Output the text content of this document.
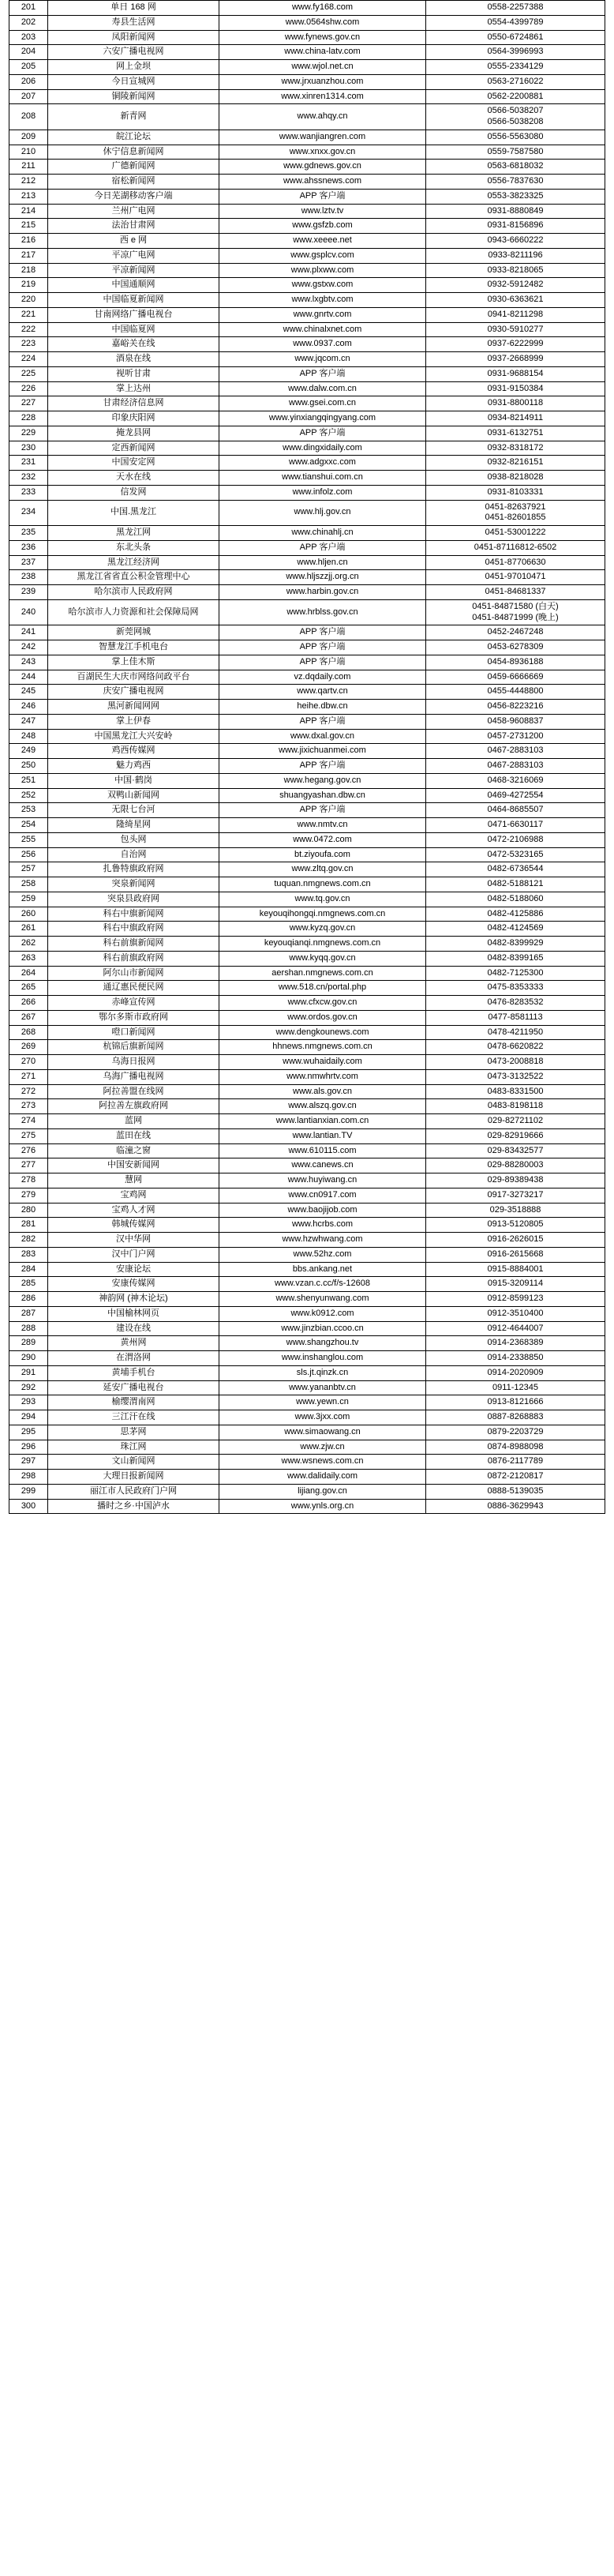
201	单日 168 网	www.fy168.com	0558-2257388

202	寿县生活网	www.0564shw.com	0554-4399789

203	凤阳新闻网	www.fynews.gov.cn	0550-6724861

204	六安广播电视网	www.china-latv.com	0564-3996993

205	网上金坝	www.wjol.net.cn	0555-2334129

206	今日宣城网	www.jrxuanzhou.com	0563-2716022

207	铜陵新闻网	www.xinren1314.com	0562-2200881

208	新青网	www.ahqy.cn	0566-5038207
0566-5038208

209	皖江论坛	www.wanjiangren.com	0556-5563080

210	休宁信息新闻网	www.xnxx.gov.cn	0559-7587580

211	广德新闻网	www.gdnews.gov.cn	0563-6818032

212	宿松新闻网	www.ahssnews.com	0556-7837630

213	今日芜湖移动客户端	APP 客户端	0553-3823325

214	兰州广电网	www.lztv.tv	0931-8880849

215	法治甘肃网	www.gsfzb.com	0931-8156896

216	西 e 网	www.xeeee.net	0943-6660222

217	平凉广电网	www.gsplcv.com	0933-8211196

218	平凉新闻网	www.plxww.com	0933-8218065

219	中国通顺网	www.gstxw.com	0932-5912482

220	中国临夏新闻网	www.lxgbtv.com	0930-6363621

221	甘南网络广播电视台	www.gnrtv.com	0941-8211298

222	中国临夏网	www.chinalxnet.com	0930-5910277

223	嘉峪关在线	www.0937.com	0937-6222999

224	酒泉在线	www.jqcom.cn	0937-2668999

225	视听甘肃	APP 客户端	0931-9688154

226	掌上达州	www.dalw.com.cn	0931-9150384

227	甘肃经济信息网	www.gsei.com.cn	0931-8800118

228	印象庆阳网	www.yinxiangqingyang.com	0934-8214911

229	掩龙县网	APP 客户端	0931-6132751

230	定西新闻网	www.dingxidaily.com	0932-8318172

231	中国安定网	www.adgxxc.com	0932-8216151

232	天水在线	www.tianshui.com.cn	0938-8218028

233	信发网	www.infolz.com	0931-8103331

234	中国.黑龙江	www.hlj.gov.cn	0451-82637921
0451-82601855

235	黑龙江网	www.chinahlj.cn	0451-53001222

236	东北头条	APP 客户端	0451-87116812-6502

237	黑龙江经济网	www.hljen.cn	0451-87706630

238	黑龙江省省直公积金管理中心	www.hljszzjj.org.cn	0451-97010471

239	哈尔滨市人民政府网	www.harbin.gov.cn	0451-84681337

240	哈尔滨市人力资源和社会保障局网	www.hrblss.gov.cn	0451-84871580 (白天)
0451-84871999 (晚上)

241	新莞网城	APP 客户端	0452-2467248

242	智慧龙江手机电台	APP 客户端	0453-6278309

243	掌上佳木斯	APP 客户端	0454-8936188

244	百湖民生大庆市网络问政平台	vz.dqdaily.com	0459-6666669

245	庆安广播电视网	www.qartv.cn	0455-4448800

246	黑河新闻网网	heihe.dbw.cn	0456-8223216

247	掌上伊春	APP 客户端	0458-9608837

248	中国黑龙江大兴安岭	www.dxal.gov.cn	0457-2731200

249	鸡西传媒网	www.jixichuanmei.com	0467-2883103

250	魅力鸡西	APP 客户端	0467-2883103

251	中国·鹤岗	www.hegang.gov.cn	0468-3216069

252	双鸭山新闻网	shuangyashan.dbw.cn	0469-4272554

253	无限七台河	APP 客户端	0464-8685507

254	隆绮星网	www.nmtv.cn	0471-6630117

255	包头网	www.0472.com	0472-2106988

256	自治网	bt.ziyoufa.com	0472-5323165

257	扎鲁特旗政府网	www.zltq.gov.cn	0482-6736544

258	突泉新闻网	tuquan.nmgnews.com.cn	0482-5188121

259	突泉县政府网	www.tq.gov.cn	0482-5188060

260	科右中旗新闻网	keyouqihongqi.nmgnews.com.cn	0482-4125886

261	科右中旗政府网	www.kyzq.gov.cn	0482-4124569

262	科右前旗新闻网	keyouqianqi.nmgnews.com.cn	0482-8399929

263	科右前旗政府网	www.kyqq.gov.cn	0482-8399165

264	阿尔山市新闻网	aershan.nmgnews.com.cn	0482-7125300

265	通辽惠民便民网	www.518.cn/portal.php	0475-8353333

266	赤峰宣传网	www.cfxcw.gov.cn	0476-8283532

267	鄂尔多斯市政府网	www.ordos.gov.cn	0477-8581113

268	噔口新闻网	www.dengkounews.com	0478-4211950

269	杭锦后旗新闻网	hhnews.nmgnews.com.cn	0478-6620822

270	乌海日报网	www.wuhaidaily.com	0473-2008818

271	乌海广播电视网	www.nmwhrtv.com	0473-3132522

272	阿拉善盟在线网	www.als.gov.cn	0483-8331500

273	阿拉善左旗政府网	www.alszq.gov.cn	0483-8198118

274	蓝网	www.lantianxian.com.cn	029-82721102

275	蓝田在线	www.lantian.TV	029-82919666

276	临潼之窗	www.610115.com	029-83432577

277	中国安新闻网	www.canews.cn	029-88280003

278	慧网	www.huyiwang.cn	029-89389438

279	宝鸡网	www.cn0917.com	0917-3273217

280	宝鸡人才网	www.baojijob.com	029-3518888

281	韩城传媒网	www.hcrbs.com	0913-5120805

282	汉中华网	www.hzwhwang.com	0916-2626015

283	汉中门户网	www.52hz.com	0916-2615668

284	安康论坛	bbs.ankang.net	0915-8884001

285	安康传媒网	www.vzan.c.cc/f/s-12608	0915-3209114

286	神韵网 (神木论坛)	www.shenyunwang.com	0912-8599123

287	中国榆林网页	www.k0912.com	0912-3510400

288	建设在线	www.jinzbian.ccoo.cn	0912-4644007

289	黄州网	www.shangzhou.tv	0914-2368389

290	在渭洛网	www.inshanglou.com	0914-2338850

291	黄埔手机台	sls.jt.qinzk.cn	0914-2020909

292	延安广播电视台	www.yananbtv.cn	0911-12345

293	榆缨渭南网	www.yewn.cn	0913-8121666

294	三江汗在线	www.3jxx.com	0887-8268883

295	思茅网	www.simaowang.cn	0879-2203729

296	珠江网	www.zjw.cn	0874-8988098

297	文山新闻网	www.wsnews.com.cn	0876-2117789

298	大理日报新闻网	www.dalidaily.com	0872-2120817

299	丽江市人民政府门户网	lijiang.gov.cn	0888-5139035

300	播时之乡·中国泸水	www.ynls.org.cn	0886-3629943
